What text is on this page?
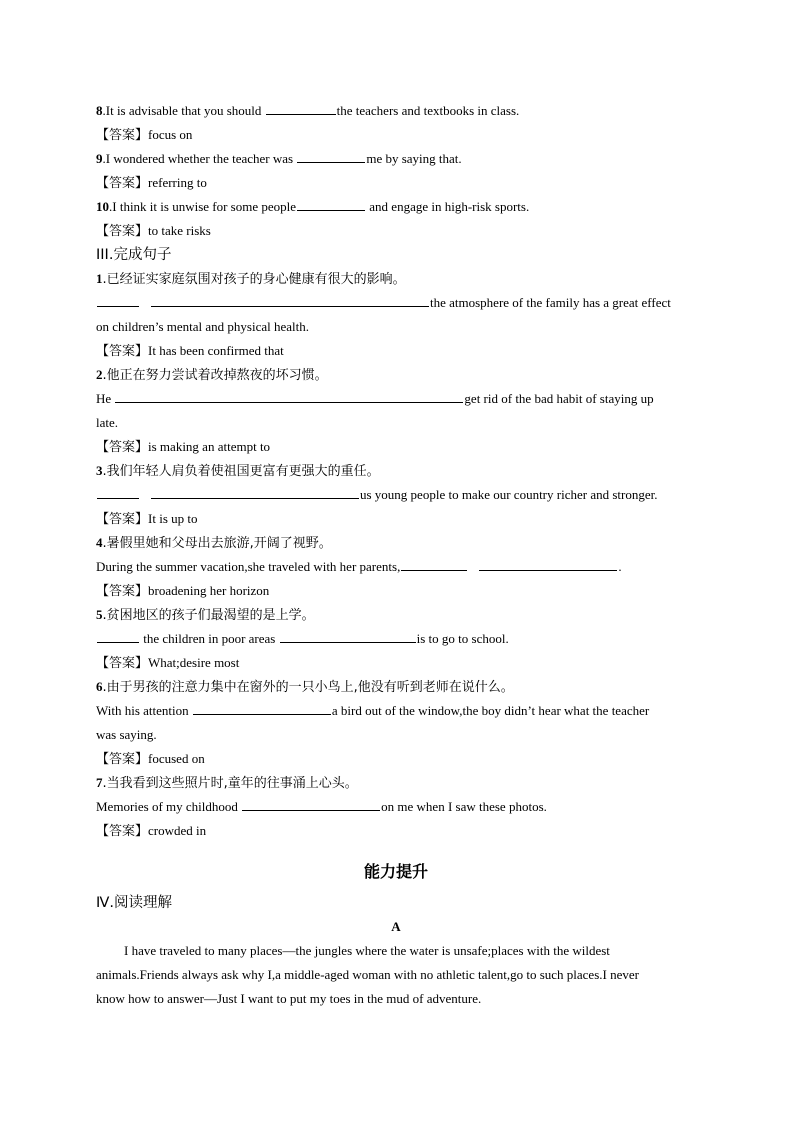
8.It is advisable that you should	the teachers and textbooks in class.
【答案】focus on
9.I wondered whether the teacher was	me by saying that.
【答案】referring to
10.I think it is unwise for some people	and engage in high-risk sports.
【答案】to take risks
III.完成句子
1.已经证实家庭氛围对孩子的身心健康有很大的影响。
the atmosphere of the family has a great effect
on children’s mental and physical health.
【答案】It has been confirmed that
2.他正在努力尝试着改掉熬夜的坏习惯。
He	get rid of the bad habit of staying up
late.
【答案】is making an attempt to
3.我们年轻人肩负着使祖国更富有更强大的重任。
us young people to make our country richer and stronger.
【答案】It is up to
4.暑假里她和父母出去旅游,开阔了视野。
During the summer vacation,she traveled with her parents,	.
【答案】broadening her horizon
5.贫困地区的孩子们最渴望的是上学。
the children in poor areas	is to go to school.
【答案】What;desire most
6.由于男孩的注意力集中在窗外的一只小鸟上,他没有听到老师在说什么。
With his attention	a bird out of the window,the boy didn’t hear what the teacher
was saying.
【答案】focused on
7.当我看到这些照片时,童年的往事涌上心头。
Memories of my childhood	on me when I saw these photos.
【答案】crowded in
能力提升
Ⅳ.阅读理解
A
I have traveled to many places—the jungles where the water is unsafe;places with the wildest animals.Friends always ask why I,a middle-aged woman with no athletic talent,go to such places.I never know how to answer—Just I want to put my toes in the mud of adventure.
